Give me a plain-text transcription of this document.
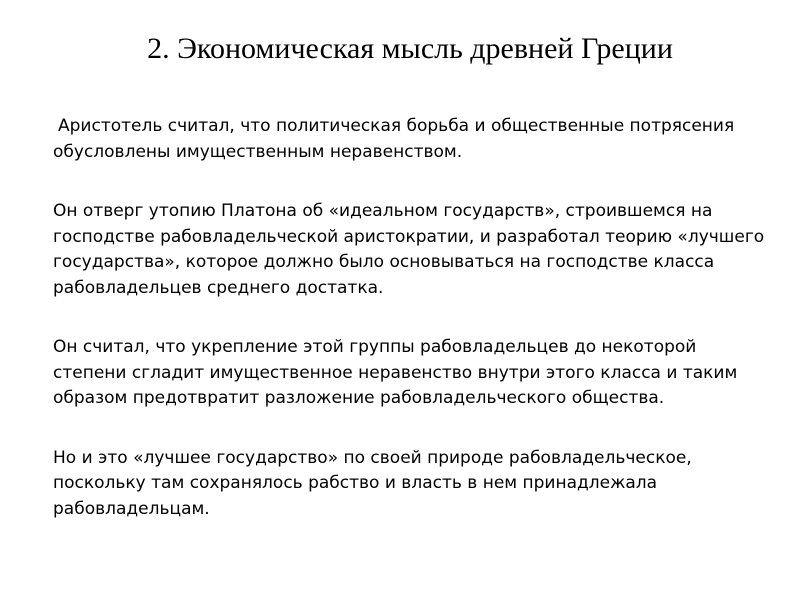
2. Экономическая мысль древней Греции

Аристотель считал, что политическая борьба и общественные потрясения обусловлены имущественным неравенством.

Он отверг утопию Платона об «идеальном государств», строившемся на господстве рабовладельческой аристократии, и разработал теорию «лучшего государства», которое должно было основываться на господстве класса рабовладельцев среднего достатка.

Он считал, что укрепление этой группы рабовладельцев до некоторой степени сгладит имущественное неравенство внутри этого класса и таким образом предотвратит разложение рабовладельческого общества.

Но и это «лучшее государство» по своей природе рабовладельческое, поскольку там сохранялось рабство и власть в нем принадлежала рабовладельцам.
